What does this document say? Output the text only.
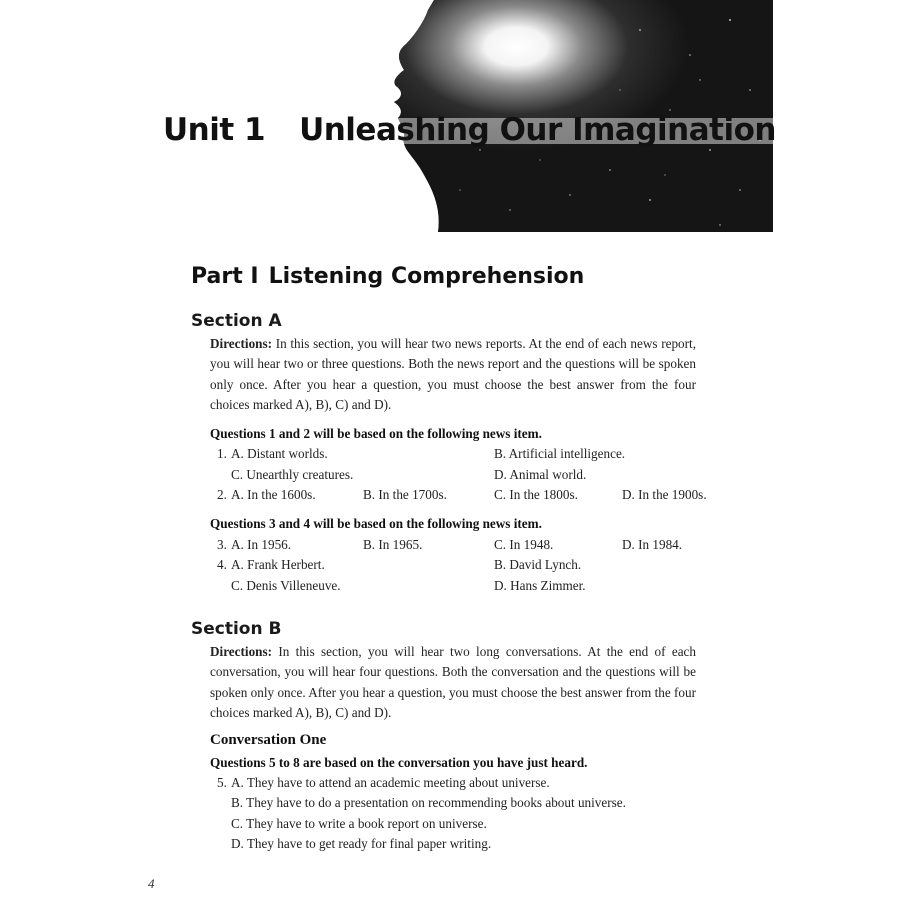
Unit 1 Unleashing Our Imagination
Part I Listening Comprehension
Section A
Directions: In this section, you will hear two news reports. At the end of each news report, you will hear two or three questions. Both the news report and the questions will be spoken only once. After you hear a question, you must choose the best answer from the four choices marked A), B), C) and D).
Questions 1 and 2 will be based on the following news item.
1. A. Distant worlds.	B. Artificial intelligence.
C. Unearthly creatures.	D. Animal world.
2. A. In the 1600s.	B. In the 1700s.	C. In the 1800s.	D. In the 1900s.
Questions 3 and 4 will be based on the following news item.
3. A. In 1956.	B. In 1965.	C. In 1948.	D. In 1984.
4. A. Frank Herbert.	B. David Lynch.
C. Denis Villeneuve.	D. Hans Zimmer.
Section B
Directions: In this section, you will hear two long conversations. At the end of each conversation, you will hear four questions. Both the conversation and the questions will be spoken only once. After you hear a question, you must choose the best answer from the four choices marked A), B), C) and D).
Conversation One
Questions 5 to 8 are based on the conversation you have just heard.
5. A. They have to attend an academic meeting about universe.
B. They have to do a presentation on recommending books about universe.
C. They have to write a book report on universe.
D. They have to get ready for final paper writing.
4
